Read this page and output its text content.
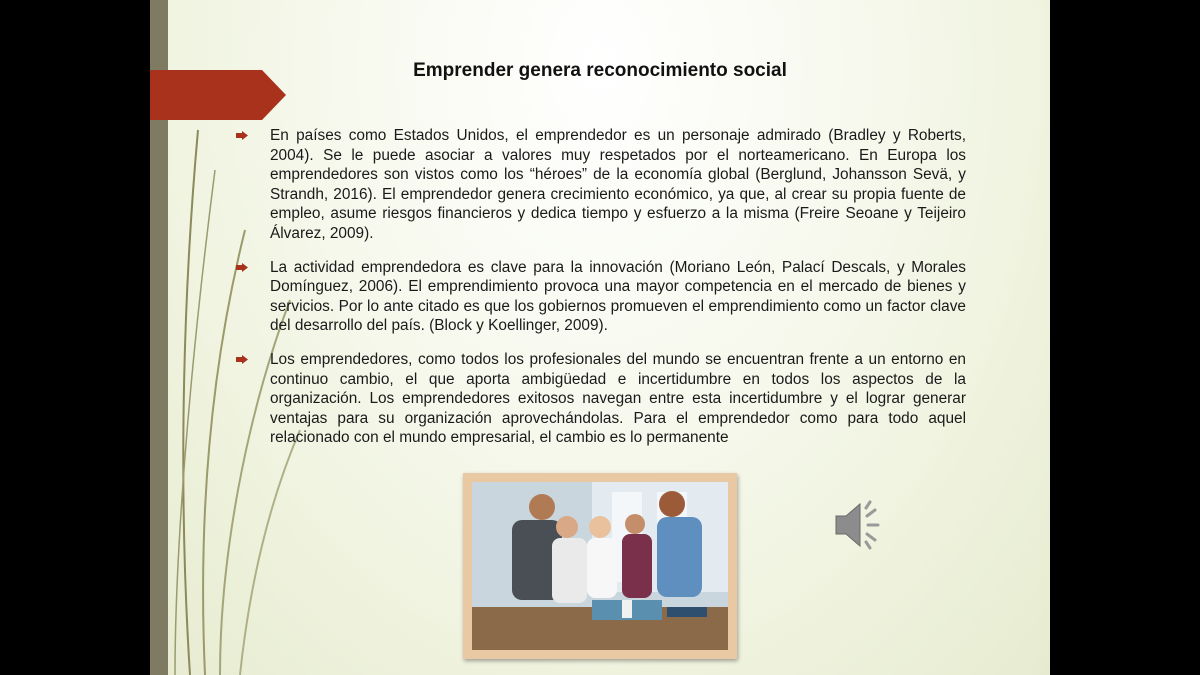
Emprender genera reconocimiento social
En países como Estados Unidos, el emprendedor es un personaje admirado (Bradley y Roberts, 2004). Se le puede asociar a valores muy respetados por el norteamericano. En Europa los emprendedores son vistos como los “héroes” de la economía global (Berglund, Johansson Sevä, y Strandh, 2016). El emprendedor genera crecimiento económico, ya que, al crear su propia fuente de empleo, asume riesgos financieros y dedica tiempo y esfuerzo a la misma (Freire Seoane y Teijeiro Álvarez, 2009).
La actividad emprendedora es clave para la innovación (Moriano León, Palací Descals, y Morales Domínguez, 2006). El emprendimiento provoca una mayor competencia en el mercado de bienes y servicios. Por lo ante citado es que los gobiernos promueven el emprendimiento como un factor clave del desarrollo del país. (Block y Koellinger, 2009).
Los emprendedores, como todos los profesionales del mundo se encuentran frente a un entorno en continuo cambio, el que aporta ambigüedad e incertidumbre en todos los aspectos de la organización. Los emprendedores exitosos navegan entre esta incertidumbre y el lograr generar ventajas para su organización aprovechándolas. Para el emprendedor como para todo aquel relacionado con el mundo empresarial, el cambio es lo permanente
